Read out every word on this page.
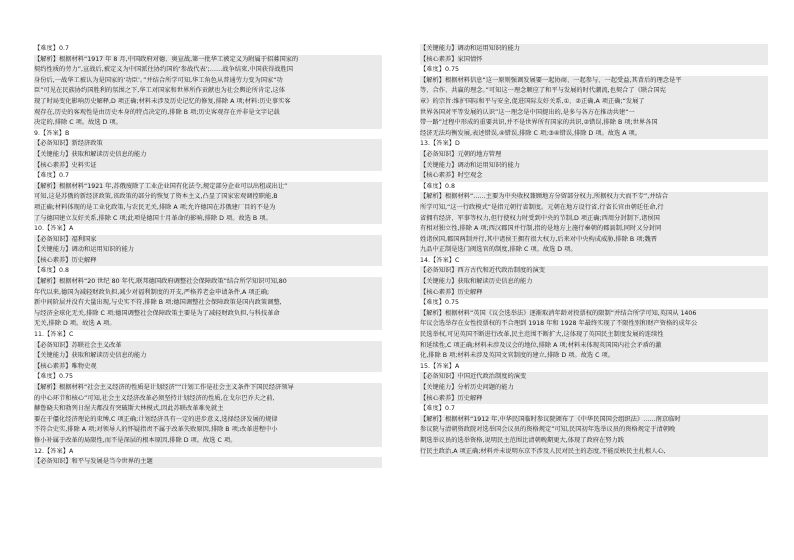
【难度】0.7
【解析】根据材料“1917 年 8 月,中国政府对德、奥宣战,第一批华工被定义为附属于招募国家的
契约性质的劳力”,宣战后,被定义为中国派往协约国的‘参战代表’;……战争结束,中国获得战胜国
身份后,一战华工被认为是国家的‘功臣’。”并结合所学可知,华工角色从普通劳力变为国家“功
臣”可见在民族协约国胜利的氛围之下,华工对国家和世界所作贡献也为社会舆论所肯定,这体
现了时局变化影响历史解释,D 项正确;材料未涉及历史记忆的修复,排除 A 项;材料:历史事实客
观存在,历史的客观性是由历史本身的特点决定的,排除 B 项;历史客观存在并非是文字记载
决定的,排除 C 项。故选 D 项。
9.【答案】B
【必备知识】新经济政策
【关键能力】获取和解读历史信息的能力
【核心素养】史料实证
【难度】0.7
【解析】根据材料“1921 年,苏俄废除了工业企业国有化法令,规定部分企业可以出租或出让”
可知,这是苏俄的新经济政策,该政策的部分的恢复了资本主义,凸显了国家宏观调控职能,B
项正确;材料体现的是工业化政策,与农民无关,排除 A 项;允许德国在苏俄建厂目的不是为
了与德国建立友好关系,排除 C 项;此项是德国十月革命的影响,排除 D 项。故选 B 项。
10.【答案】A
【必备知识】福利国家
【关键能力】调动和运用知识的能力
【核心素养】历史解释
【难度】0.8
【解析】根据材料“20 世纪 80 年代,联邦德国政府调整社会保障政策”结合所学知识可知,80
年代以来,德国为减轻财政负担,减少对福利制度的开支,严格养老金申请条件,A 项正确;
新中间阶层并没有大量出现,与史实不符,排除 B 项;德国调整社会保障政策是国内政策调整,
与经济全球化无关,排除 C 项;德国调整社会保障政策主要是为了减轻财政负担,与科技革命
无关,排除 D 项。故选 A 项。
11.【答案】C
【必备知识】苏联社会主义改革
【关键能力】获取和解读历史信息的能力
【核心素养】唯物史观
【难度】0.75
【解析】根据材料“社会主义经济的性质是计划经济”“计划工作是社会主义条件下国民经济领导
的中心环节和核心”可知,社会主义经济改革必须坚持计划经济的性质,在戈尔巴乔夫之前,
赫鲁晓夫和勃列日涅夫都没有突破斯大林模式,因此苏联改革难免就主
要在于僵化经济理论的束缚,C 项正确;计划经济具有一定的进步意义,选择经济发展的规律
不符合史实,排除 A 项;对领导人的怀疑指责不属于改革失败原因,排除 B 项;改革进程中小
修小补属于改革的局限性,而不是深层的根本原因,排除 D 项。故选 C 项。
12.【答案】A
【必备知识】和平与发展是当今世界的主题
【关键能力】调动和运用知识的能力
【核心素养】家国情怀
【难度】0.75
【解析】根据材料信息“这一原则强调发展要一起协商、一起参与、一起受益,其背后的理念是平
等、合作、共赢的理念。”可知这一理念顺应了和平与发展的时代潮流,也契合了《联合国宪
章》的宗旨:维护国际和平与安全,促进国际友好关系,①、②正确,A 项正确;“发展了
世界各国对平等发展的认识”这一理念是中国提出的,是多与各方在推动共建“一
带一路”过程中形成的重要共识,并不是世界所有国家的共识,②错误,排除 B 项;世界各国
经济无法均衡发展,表述错误,④错误,排除 C 项;③④错误,排除 D 项。故选 A 项。
13.【答案】D
【必备知识】元朝的地方管理
【关键能力】调动和运用知识的能力
【核心素养】时空观念
【难度】0.8
【解析】根据材料“……主要为中央收权兼顾地方分留部分权力,所据权力大而不专”,并结合
所学可知,“这一行政模式”是指元朝行省制度。元朝在地方设行省,行省长官由朝廷任命,行
省拥有经济、军事等权力,但行使权力时受到中央的节制,D 项正确;西周分封制下,诸侯国
有相对独立性,排除 A 项;西汉郡国并行制,指的是地方上施行秦朝的郡县制,同时又分封同
姓诸侯国,郡国两制并行,其中诸侯王拥有很大权力,后来对中央构成威胁,排除 B 项;魏晋
九品中正制是选门阀选官的制度,排除 C 项。故选 D 项。
14.【答案】C
【必备知识】西方古代和近代政治制度的演变
【关键能力】获取和解读历史信息的能力
【核心素养】历史解释
【难度】0.75
【解析】根据材料“英国《议会选举法》逐渐取消年龄对投票权的限制”并结合所学可知,英国从 1406
年议会选举存在女性投票权的不合理到 1918 年和 1928 年最终实现了不限性别和财产资格的成年公
民选举权,可见英国不断进行改革,民主范围不断扩大,这体现了英国民主制度发展的连续性
和延续性,C 项正确;材料未涉及议会的地位,排除 A 项;材料未体现英国国内社会矛盾的激
化,排除 B 项;材料未涉及英国文官制度的建立,排除 D 项。故选 C 项。
15.【答案】A
【必备知识】中国近代政治制度的演变
【关键能力】分析历史问题的能力
【核心素养】历史解释
【难度】0.7
【解析】根据材料“1912 年,中华民国临时参议院颁布了《中华民国国会组织法》……南京临时
参议院与清朝资政院对选举国会议员的资格规定”可知,民国初年选举议员的资格规定于清朝晚
期选举议员的选举资格,说明民主范围比清朝晚期更大,体现了政府在努力践
行民主政治,A 项正确;材料并未说明东京不涉及人民对民主的态度,不能反映民主扎根人心,
